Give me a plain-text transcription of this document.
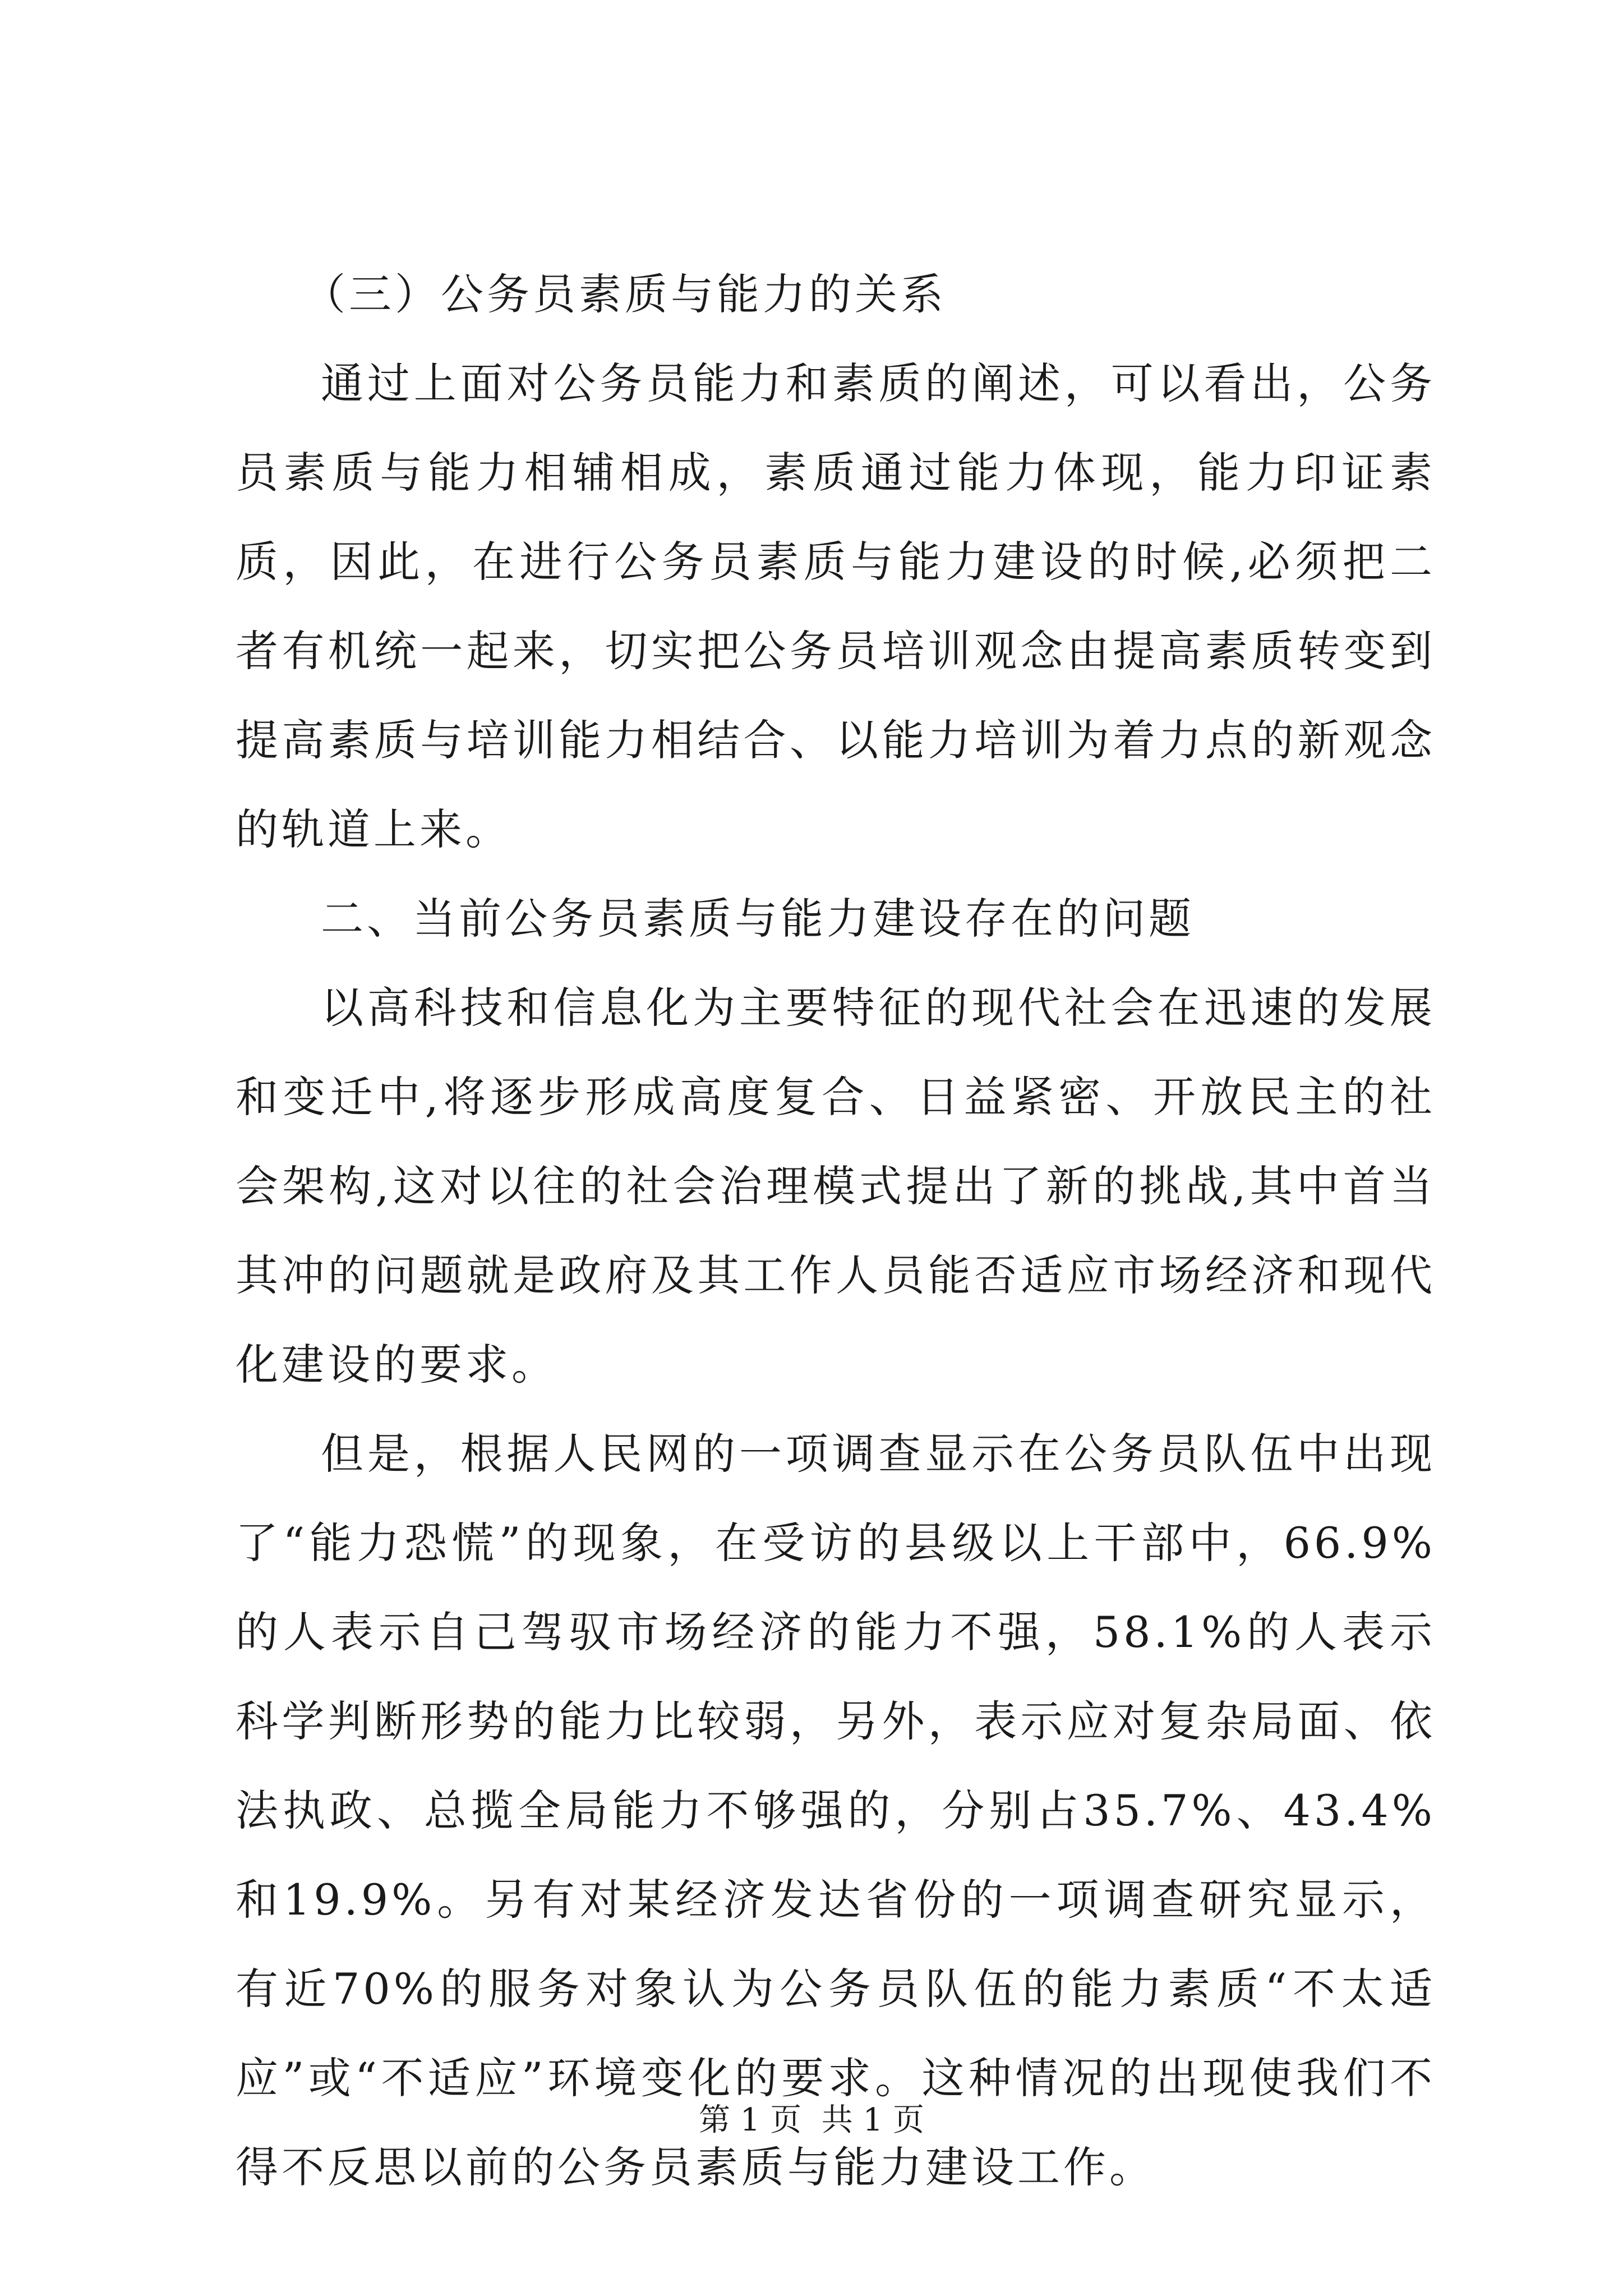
（三）公务员素质与能力的关系

通过上面对公务员能力和素质的阐述，可以看出，公务员素质与能力相辅相成，素质通过能力体现，能力印证素质，因此，在进行公务员素质与能力建设的时候,必须把二者有机统一起来，切实把公务员培训观念由提高素质转变到提高素质与培训能力相结合、以能力培训为着力点的新观念的轨道上来。

二、当前公务员素质与能力建设存在的问题

以高科技和信息化为主要特征的现代社会在迅速的发展和变迁中,将逐步形成高度复合、日益紧密、开放民主的社会架构,这对以往的社会治理模式提出了新的挑战,其中首当其冲的问题就是政府及其工作人员能否适应市场经济和现代化建设的要求。

但是，根据人民网的一项调查显示在公务员队伍中出现了“能力恐慌”的现象，在受访的县级以上干部中，66.9%的人表示自己驾驭市场经济的能力不强，58.1%的人表示科学判断形势的能力比较弱，另外，表示应对复杂局面、依法执政、总揽全局能力不够强的，分别占35.7%、43.4%和19.9%。另有对某经济发达省份的一项调查研究显示，有近70%的服务对象认为公务员队伍的能力素质“不太适应”或“不适应”环境变化的要求。这种情况的出现使我们不得不反思以前的公务员素质与能力建设工作。

第 1 页  共 1 页
